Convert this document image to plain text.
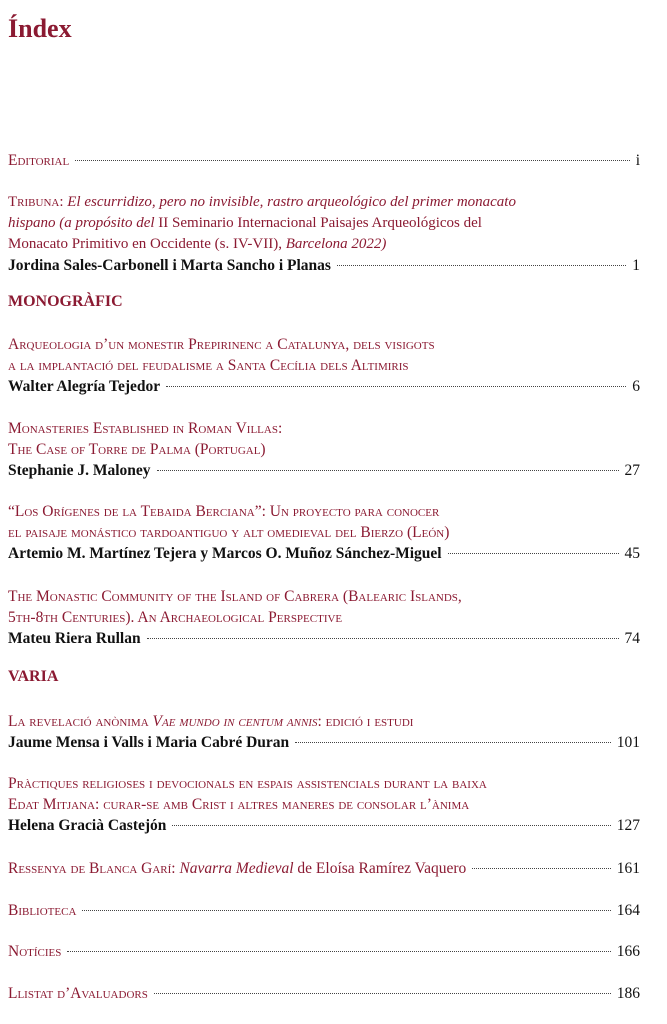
Índex
Editorial	i
Tribuna: El escurridizo, pero no invisible, rastro arqueológico del primer monacato
hispano (a propósito del II Seminario Internacional Paisajes Arqueológicos del
Monacato Primitivo en Occidente (s. IV-VII), Barcelona 2022)
Jordina Sales-Carbonell i Marta Sancho i Planas	1
MONOGRÀFIC
Arqueologia d’un monestir Prepirinenc a Catalunya, dels visigots
a la implantació del feudalisme a Santa Cecília dels Altimiris
Walter Alegría Tejedor	6
Monasteries Established in Roman Villas:
The Case of Torre de Palma (Portugal)
Stephanie J. Maloney	27
“Los Orígenes de la Tebaida Berciana”: Un proyecto para conocer
el paisaje monástico tardoantiguo y alt omedieval del Bierzo (León)
Artemio M. Martínez Tejera y Marcos O. Muñoz Sánchez-Miguel	45
The Monastic Community of the Island of Cabrera (Balearic Islands,
5th-8th Centuries). An Archaeological Perspective
Mateu Riera Rullan	74
VARIA
La revelació anònima Vae mundo in centum annis: edició i estudi
Jaume Mensa i Valls i Maria Cabré Duran	101
Pràctiques religioses i devocionals en espais assistencials durant la baixa
Edat Mitjana: curar-se amb Crist i altres maneres de consolar l’ànima
Helena Gracià Castejón	127
Ressenya de Blanca Garí: Navarra Medieval de Eloísa Ramírez Vaquero	161
Biblioteca	164
Notícies	166
Llistat d’Avaluadors	186
